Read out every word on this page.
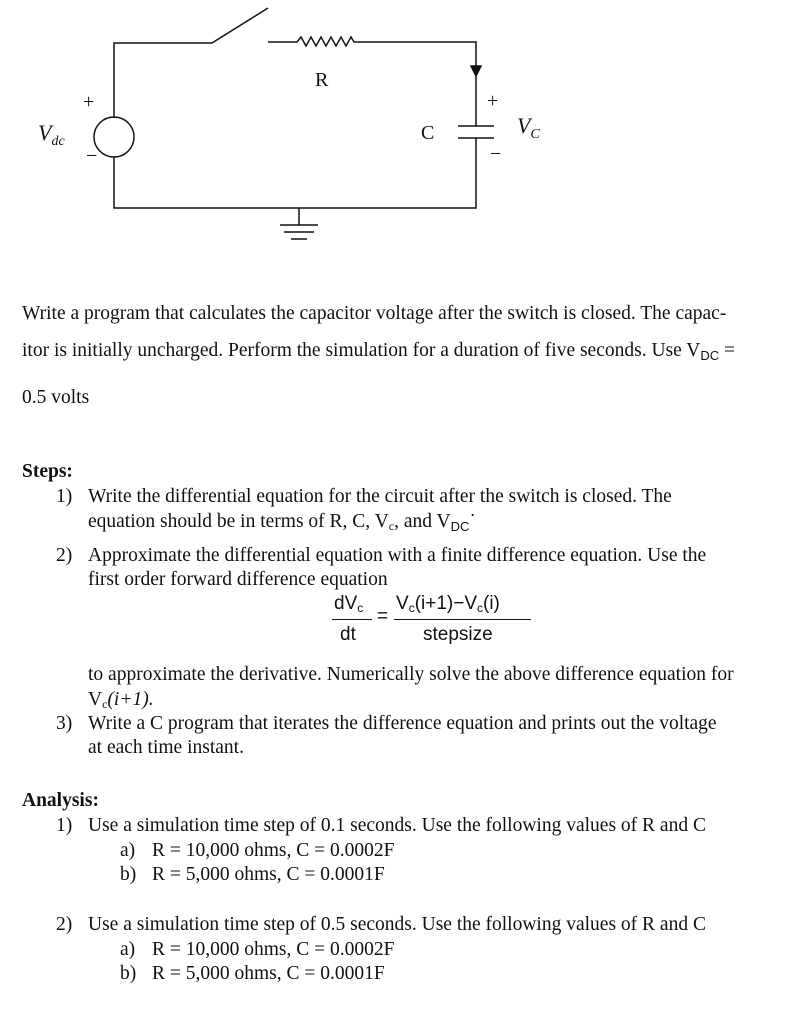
$V_{dc}$
+
−
R
C
+
−
$V_C$
Write a program that calculates the capacitor voltage after the switch is closed. The capac-
itor is initially uncharged. Perform the simulation for a duration of five seconds. Use $V_{DC}$ =
0.5 volts
Steps:
1) Write the differential equation for the circuit after the switch is closed. The
equation should be in terms of R, C, $V_c$, and $V_{DC}˙$
2) Approximate the differential equation with a finite difference equation. Use the
first order forward difference equation
dVc
dt
=
Vc(i+1)−Vc(i)
stepsize
to approximate the derivative. Numerically solve the above difference equation for
$V_c(i+1)$.
3) Write a C program that iterates the difference equation and prints out the voltage
at each time instant.
Analysis:
1) Use a simulation time step of 0.1 seconds. Use the following values of R and C
a) R = 10,000 ohms, C = 0.0002F
b) R = 5,000 ohms, C = 0.0001F
2) Use a simulation time step of 0.5 seconds. Use the following values of R and C
a) R = 10,000 ohms, C = 0.0002F
b) R = 5,000 ohms, C = 0.0001F
